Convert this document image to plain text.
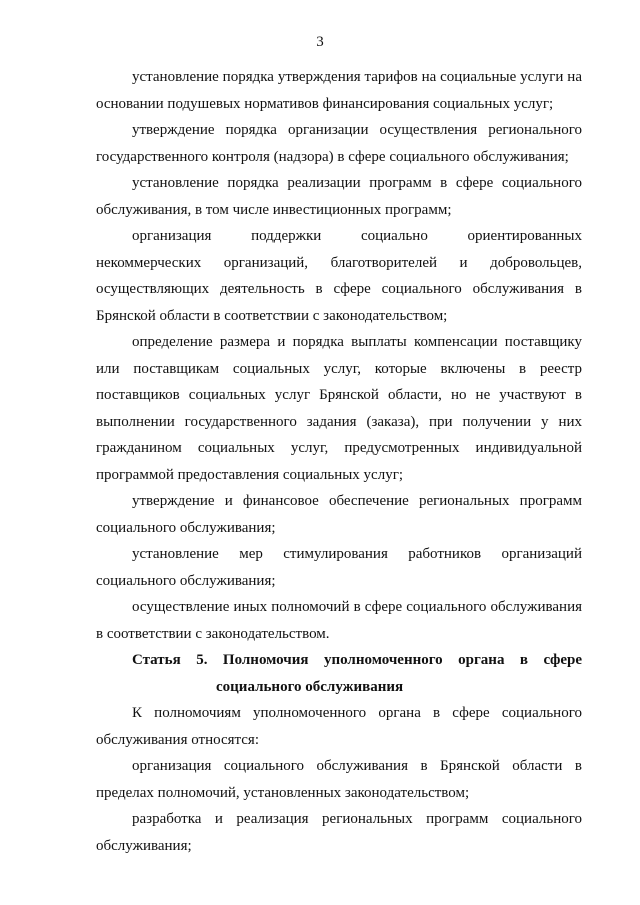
3

установление порядка утверждения тарифов на социальные услуги на основании подушевых нормативов финансирования социальных услуг;

утверждение порядка организации осуществления регионального государственного контроля (надзора) в сфере социального обслуживания;

установление порядка реализации программ в сфере социального обслуживания, в том числе инвестиционных программ;

организация поддержки социально ориентированных некоммерческих организаций, благотворителей и добровольцев, осуществляющих деятельность в сфере социального обслуживания в Брянской области в соответствии с законодательством;

определение размера и порядка выплаты компенсации поставщику или поставщикам социальных услуг, которые включены в реестр поставщиков социальных услуг Брянской области, но не участвуют в выполнении государственного задания (заказа), при получении у них гражданином социальных услуг, предусмотренных индивидуальной программой предоставления социальных услуг;

утверждение и финансовое обеспечение региональных программ социального обслуживания;

установление мер стимулирования работников организаций социального обслуживания;

осуществление иных полномочий в сфере социального обслуживания в соответствии с законодательством.

Статья 5. Полномочия уполномоченного органа в сфере
социального обслуживания

К полномочиям уполномоченного органа в сфере социального обслуживания относятся:

организация социального обслуживания в Брянской области в пределах полномочий, установленных законодательством;

разработка и реализация региональных программ социального обслуживания;
